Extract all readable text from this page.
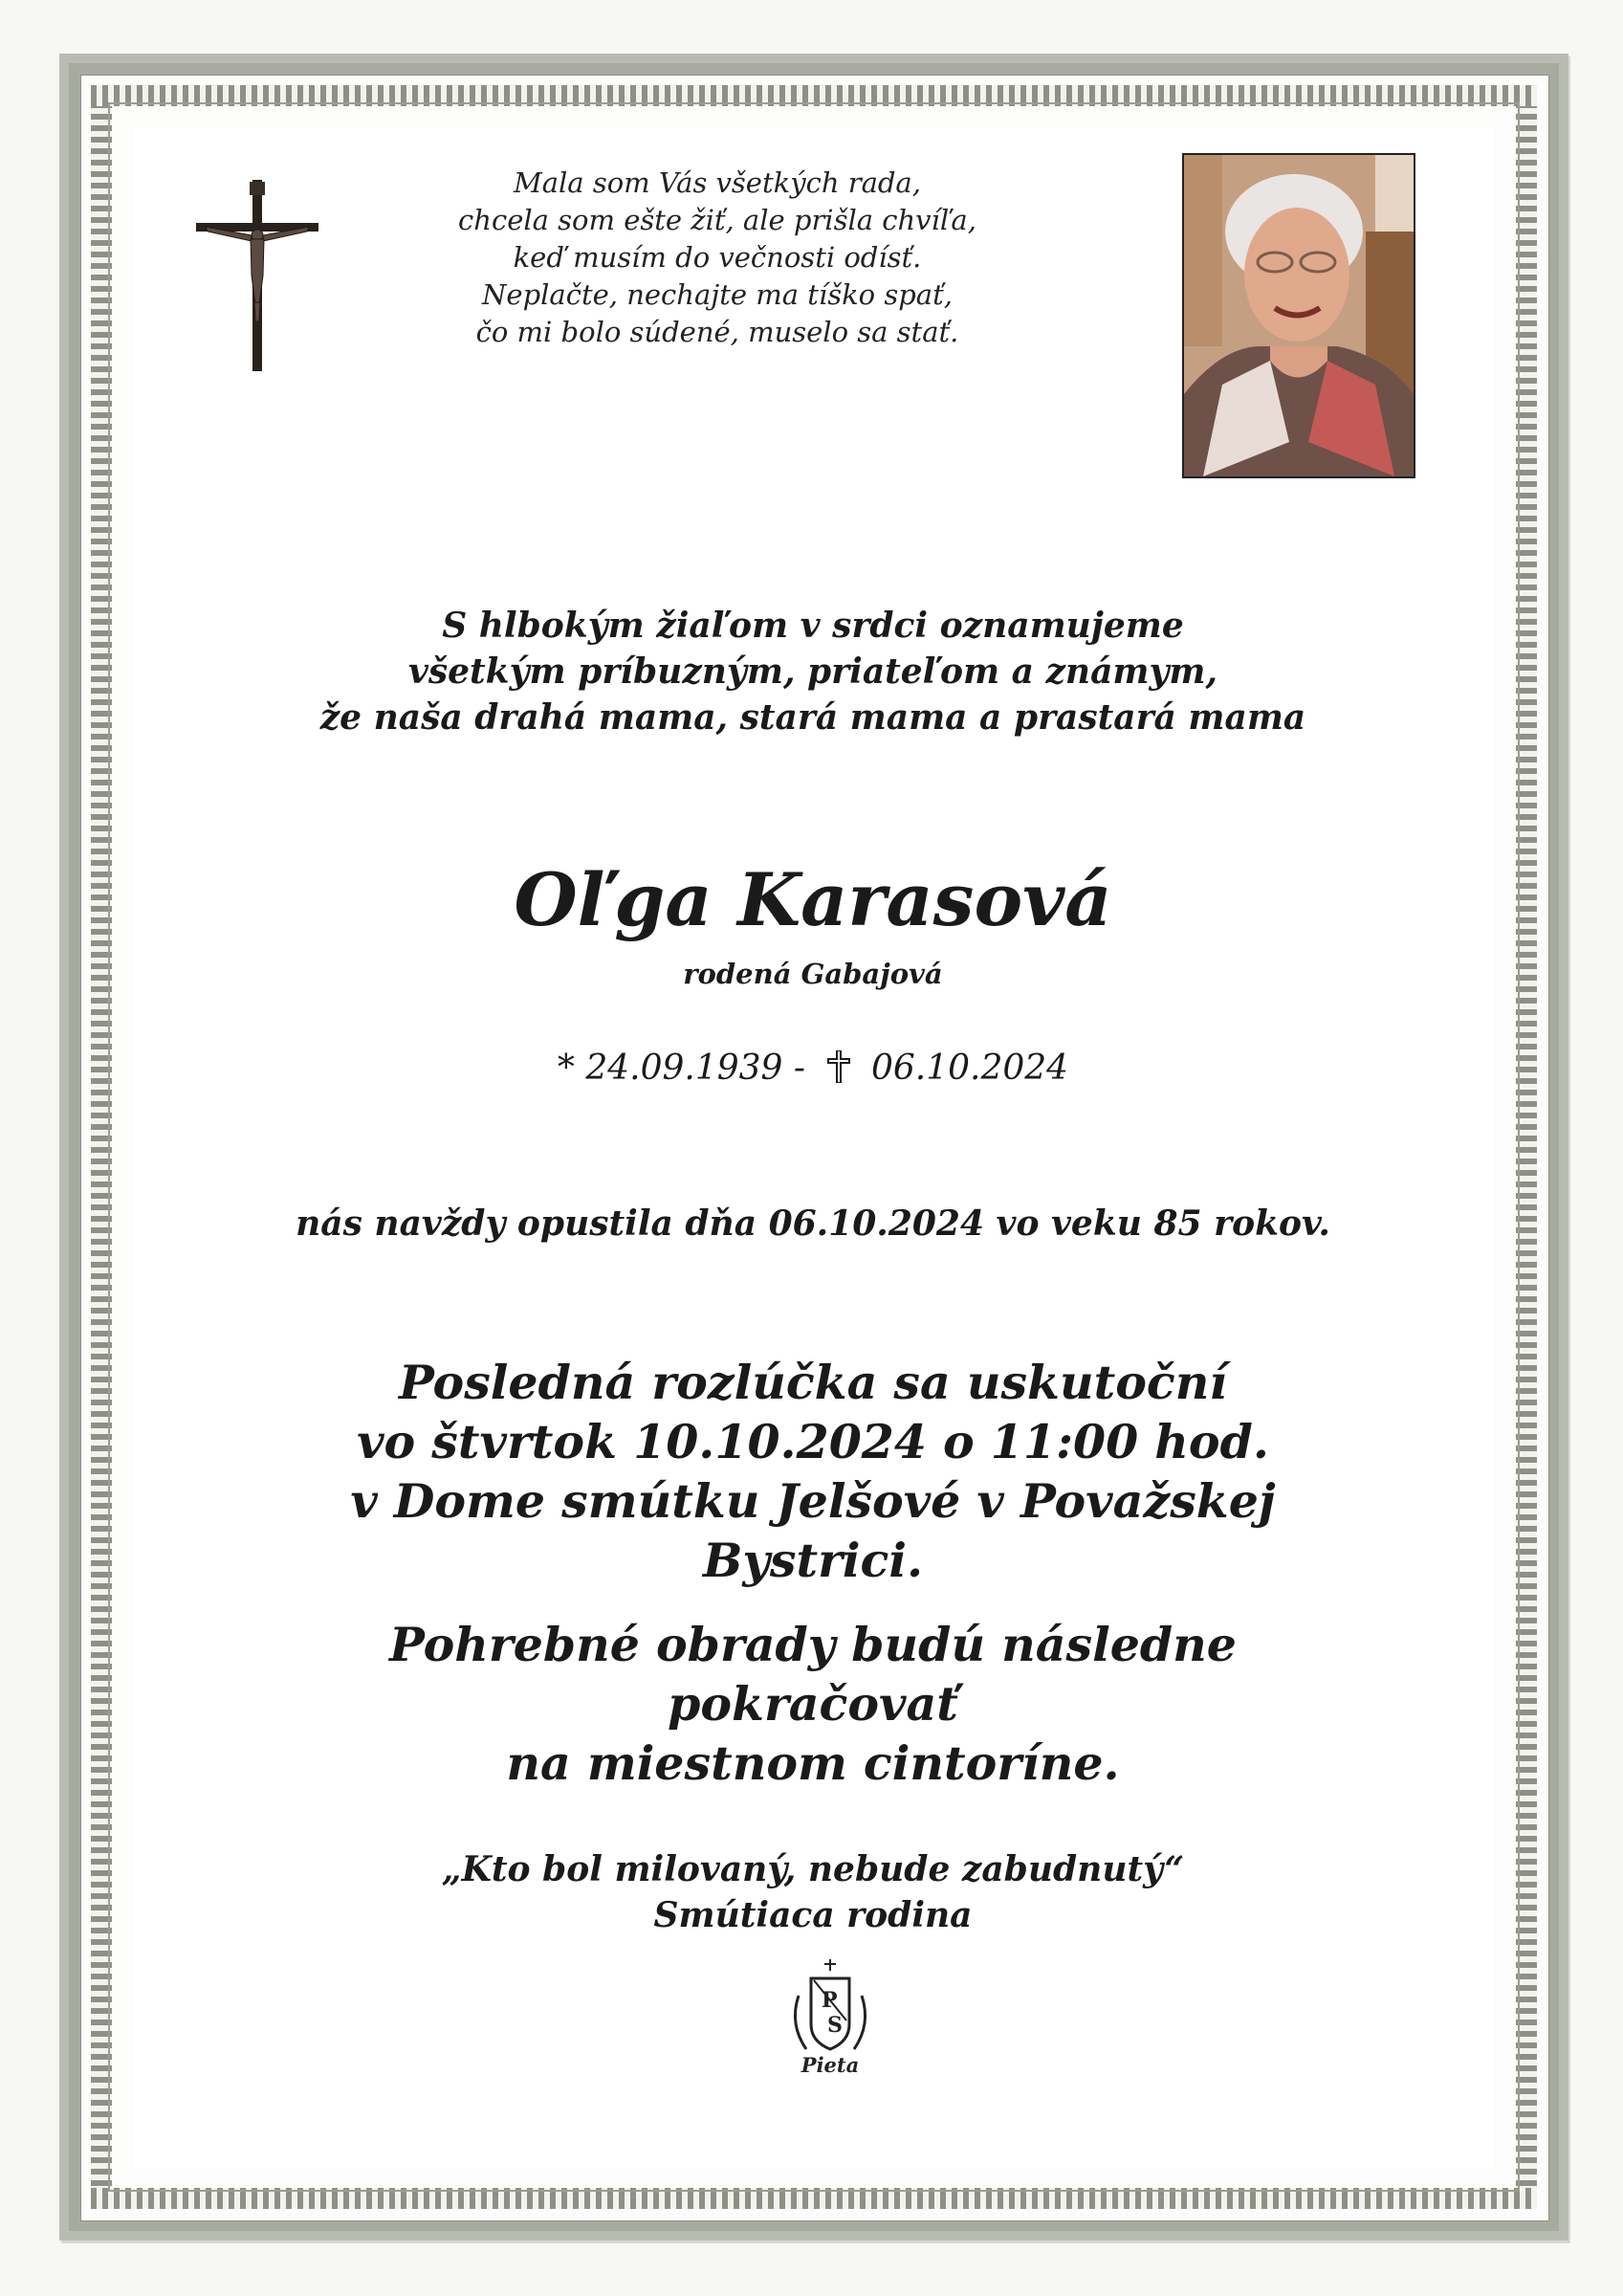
Mala som Vás všetkých rada,
chcela som ešte žiť, ale prišla chvíľa,
keď musím do večnosti odísť.
Neplačte, nechajte ma tíško spať,
čo mi bolo súdené, muselo sa stať.
S hlbokým žiaľom v srdci oznamujeme
všetkým príbuzným, priateľom a známym,
že naša drahá mama, stará mama a prastará mama
Oľga Karasová
rodená Gabajová
* 24.09.1939 - 06.10.2024
nás navždy opustila dňa 06.10.2024 vo veku 85 rokov.
Posledná rozlúčka sa uskutoční
vo štvrtok 10.10.2024 o 11:00 hod.
v Dome smútku Jelšové v Považskej Bystrici.
Pohrebné obrady budú následne pokračovať
na miestnom cintoríne.
„Kto bol milovaný, nebude zabudnutý“
Smútiaca rodina
P
S
Pieta
